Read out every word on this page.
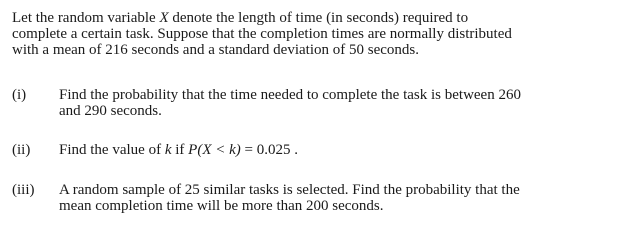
Let the random variable X denote the length of time (in seconds) required to
complete a certain task. Suppose that the completion times are normally distributed
with a mean of 216 seconds and a standard deviation of 50 seconds.
(i) Find the probability that the time needed to complete the task is between 260
and 290 seconds.
(ii) Find the value of k if P(X < k) = 0.025 .
(iii) A random sample of 25 similar tasks is selected. Find the probability that the
mean completion time will be more than 200 seconds.
